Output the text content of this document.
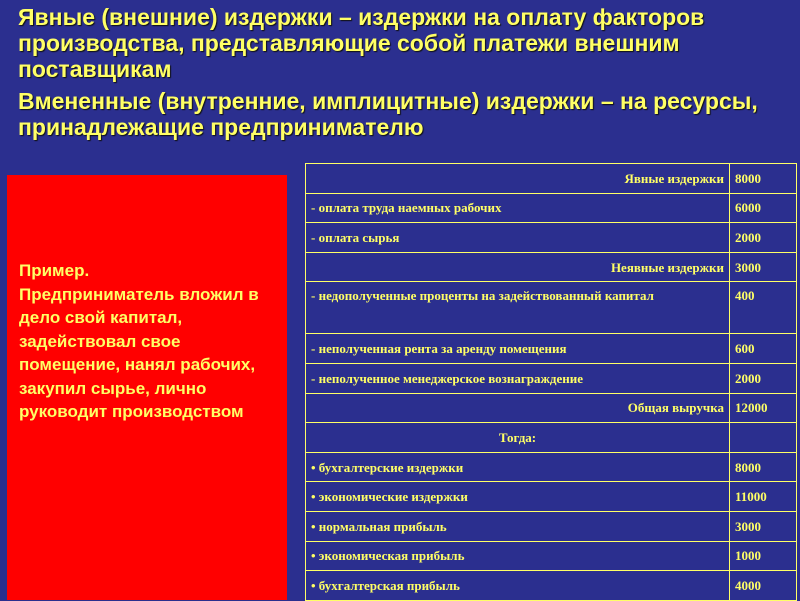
Явные (внешние) издержки – издержки на оплату факторов производства, представляющие собой платежи внешним поставщикам

Вмененные (внутренние, имплицитные) издержки – на ресурсы, принадлежащие предпринимателю

Пример.
Предприниматель вложил в дело свой капитал, задействовал свое помещение, нанял рабочих, закупил сырье, лично руководит производством
Явные издержки	8000
- оплата труда наемных рабочих	6000
- оплата сырья	2000
Неявные издержки	3000
- недополученные проценты на задействованный капитал	400
- неполученная рента за аренду помещения	600
- неполученное менеджерское вознаграждение	2000
Общая выручка	12000
Тогда:	
• бухгалтерские издержки	8000
• экономические издержки	11000
• нормальная прибыль	3000
• экономическая прибыль	1000
• бухгалтерская прибыль	4000
